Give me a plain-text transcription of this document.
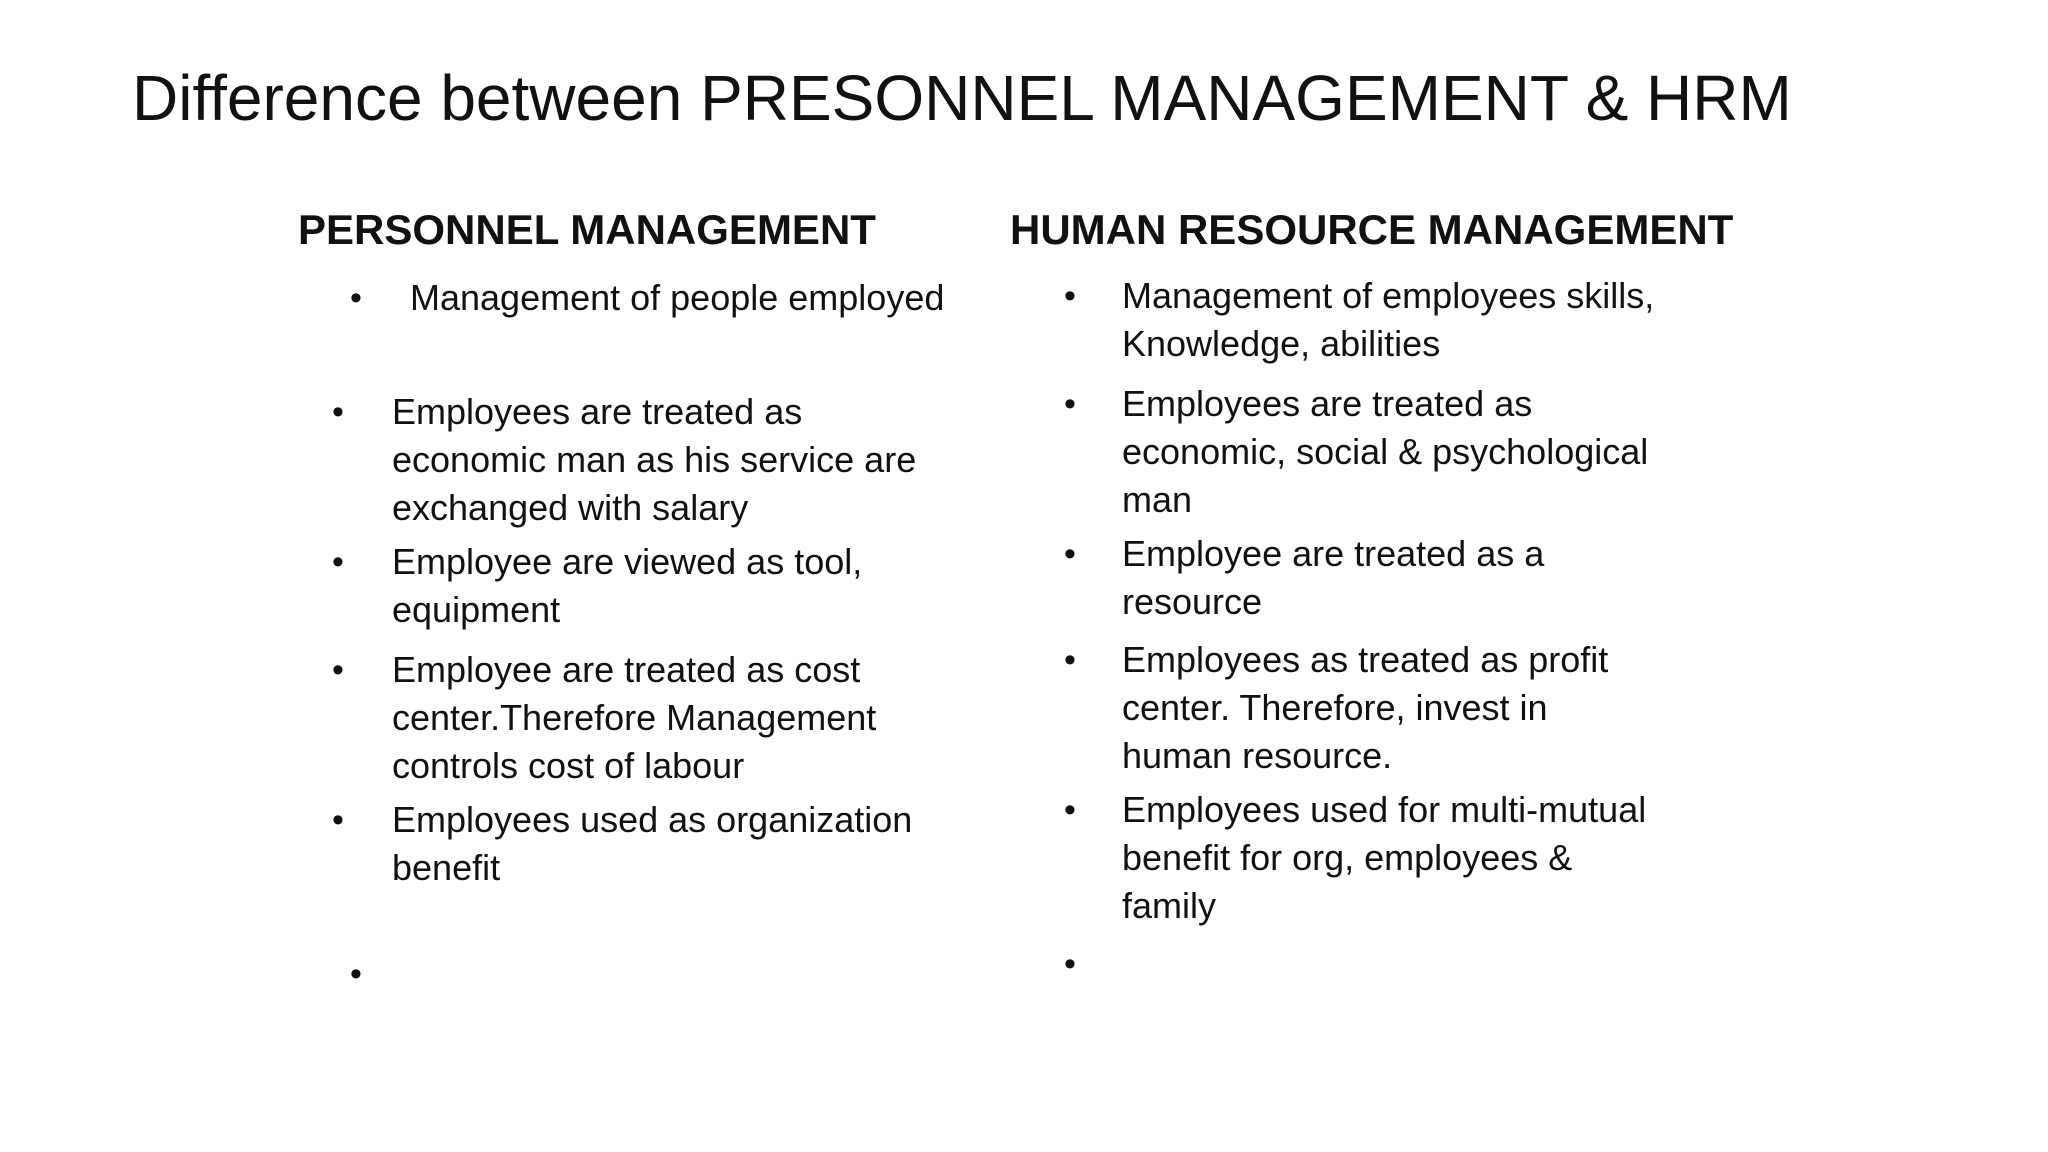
Difference between PRESONNEL MANAGEMENT & HRM
PERSONNEL MANAGEMENT	HUMAN RESOURCE MANAGEMENT
• Management of people employed
• Employees are treated as
economic man as his service are
exchanged with salary
• Employee are viewed as tool,
equipment
• Employee are treated as cost
center.Therefore Management
controls cost of labour
• Employees used as organization
benefit
•
• Management of employees skills,
Knowledge, abilities
• Employees are treated as
economic, social & psychological
man
• Employee are treated as a
resource
• Employees as treated as profit
center. Therefore, invest in
human resource.
• Employees used for multi-mutual
benefit for org, employees &
family
•
